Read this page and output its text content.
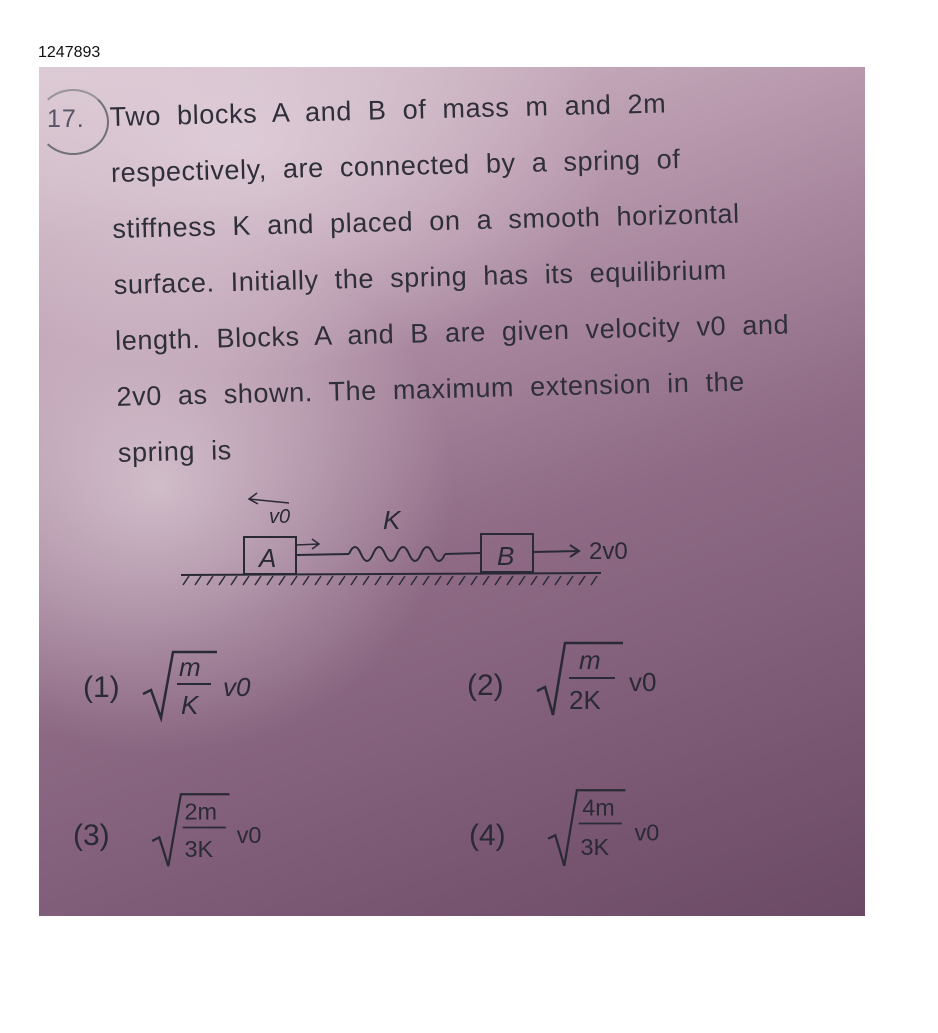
1247893
17. Two blocks A and B of mass m and 2m
respectively, are connected by a spring of
stiffness K and placed on a smooth horizontal
surface. Initially the spring has its equilibrium
length. Blocks A and B are given velocity v0 and
2v0 as shown. The maximum extension in the
spring is
A
v0	K
B	2v0
(1)
m
K
v0	(2)
m
2K
v0
(3)
2m
3K
v0	(4)
4m
3K
v0
